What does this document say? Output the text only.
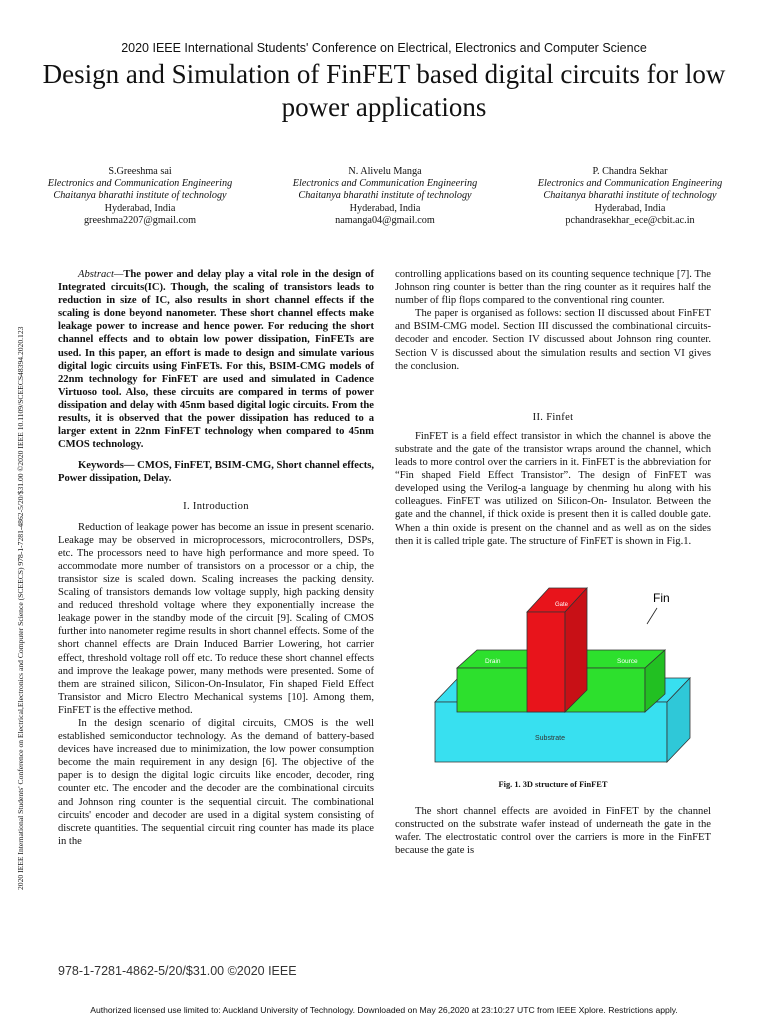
2020 IEEE International Students' Conference on Electrical, Electronics and Computer Science
Design and Simulation of FinFET based digital circuits for low power applications
2020 IEEE International Students' Conference on Electrical,Electronics and Computer Science (SCEECS) 978-1-7281-4862-5/20/$31.00 ©2020 IEEE 10.1109/SCEECS48394.2020.123
S.Greeshma sai
Electronics and Communication Engineering
Chaitanya bharathi institute of technology
Hyderabad, India
greeshma2207@gmail.com
N. Alivelu Manga
Electronics and Communication Engineering
Chaitanya bharathi institute of technology
Hyderabad, India
namanga04@gmail.com
P. Chandra Sekhar
Electronics and Communication Engineering
Chaitanya bharathi institute of technology
Hyderabad, India
pchandrasekhar_ece@cbit.ac.in

Abstract—The power and delay play a vital role in the design of Integrated circuits(IC). Though, the scaling of transistors leads to reduction in size of IC, also results in short channel effects if the scaling is done beyond nanometer. These short channel effects make leakage power to increase and hence power. For reducing the short channel effects and to obtain low power dissipation, FinFETs are used. In this paper, an effort is made to design and simulate various digital logic circuits using FinFETs. For this, BSIM-CMG models of 22nm technology for FinFET are used and simulated in Cadence Virtuoso tool. Also, these circuits are compared in terms of power dissipation and delay with 45nm based digital logic circuits. From the results, it is observed that the power dissipation has reduced to a larger extent in 22nm FinFET technology when compared to 45nm CMOS technology.

Keywords— CMOS, FinFET, BSIM-CMG, Short channel effects, Power dissipation, Delay.

I. Introduction

Reduction of leakage power has become an issue in present scenario. Leakage may be observed in microprocessors, microcontrollers, DSPs, etc. The processors need to have high performance and more speed. To accommodate more number of transistors on a processor or a chip, the transistor size is scaled down. Scaling increases the packing density. Scaling of transistors demands low voltage supply, high packing density and reduced threshold voltage where they exponentially increase the leakage power in the standby mode of the circuit [9]. Scaling of CMOS further into nanometer regime results in short channel effects. Some of the short channel effects are Drain Induced Barrier Lowering, hot carrier effect, threshold voltage roll off etc. To reduce these short channel effects and improve the leakage power, many methods were presented. Some of them are strained silicon, Silicon-On-Insulator, Fin shaped Field Effect Transistor and Micro Electro Mechanical systems [10]. Among them, FinFET is the effective method.

In the design scenario of digital circuits, CMOS is the well established semiconductor technology. As the demand of battery-based devices have increased due to minimization, the low power consumption become the main requirement in any design [6]. The objective of the paper is to design the digital logic circuits like encoder, decoder, ring counter etc. The encoder and the decoder are the combinational circuits and Johnson ring counter is the sequential circuit. The combinational circuits' encoder and decoder are used in a digital system consisting of discrete quantities. The sequential circuit ring counter has made its place in the

controlling applications based on its counting sequence technique [7]. The Johnson ring counter is better than the ring counter as it requires half the number of flip flops compared to the conventional ring counter.

The paper is organised as follows: section II discussed about FinFET and BSIM-CMG model. Section III discussed the combinational circuits-decoder and encoder. Section IV discussed about Johnson ring counter. Section V is discussed about the simulation results and section VI gives the conclusion.

II. Finfet

FinFET is a field effect transistor in which the channel is above the substrate and the gate of the transistor wraps around the channel, which leads to more control over the carriers in it. FinFET is the abbreviation for “Fin shaped Field Effect Transistor”. The design of FinFET was developed using the Verilog-a language by chenming hu along with his colleagues. FinFET was utilized on Silicon-On- Insulator. Between the gate and the channel, if thick oxide is present then it is called double gate. When a thin oxide is present on the channel and as well as on the sides then it is called triple gate. The structure of FinFET is shown in Fig.1.

Fin
Gate
Drain	Source
Substrate
Fig. 1. 3D structure of FinFET

The short channel effects are avoided in FinFET by the channel constructed on the substrate wafer instead of underneath the gate in the wafer. The electrostatic control over the carriers is more in the FinFET because the gate is

978-1-7281-4862-5/20/$31.00 ©2020 IEEE
Authorized licensed use limited to: Auckland University of Technology. Downloaded on May 26,2020 at 23:10:27 UTC from IEEE Xplore. Restrictions apply.
